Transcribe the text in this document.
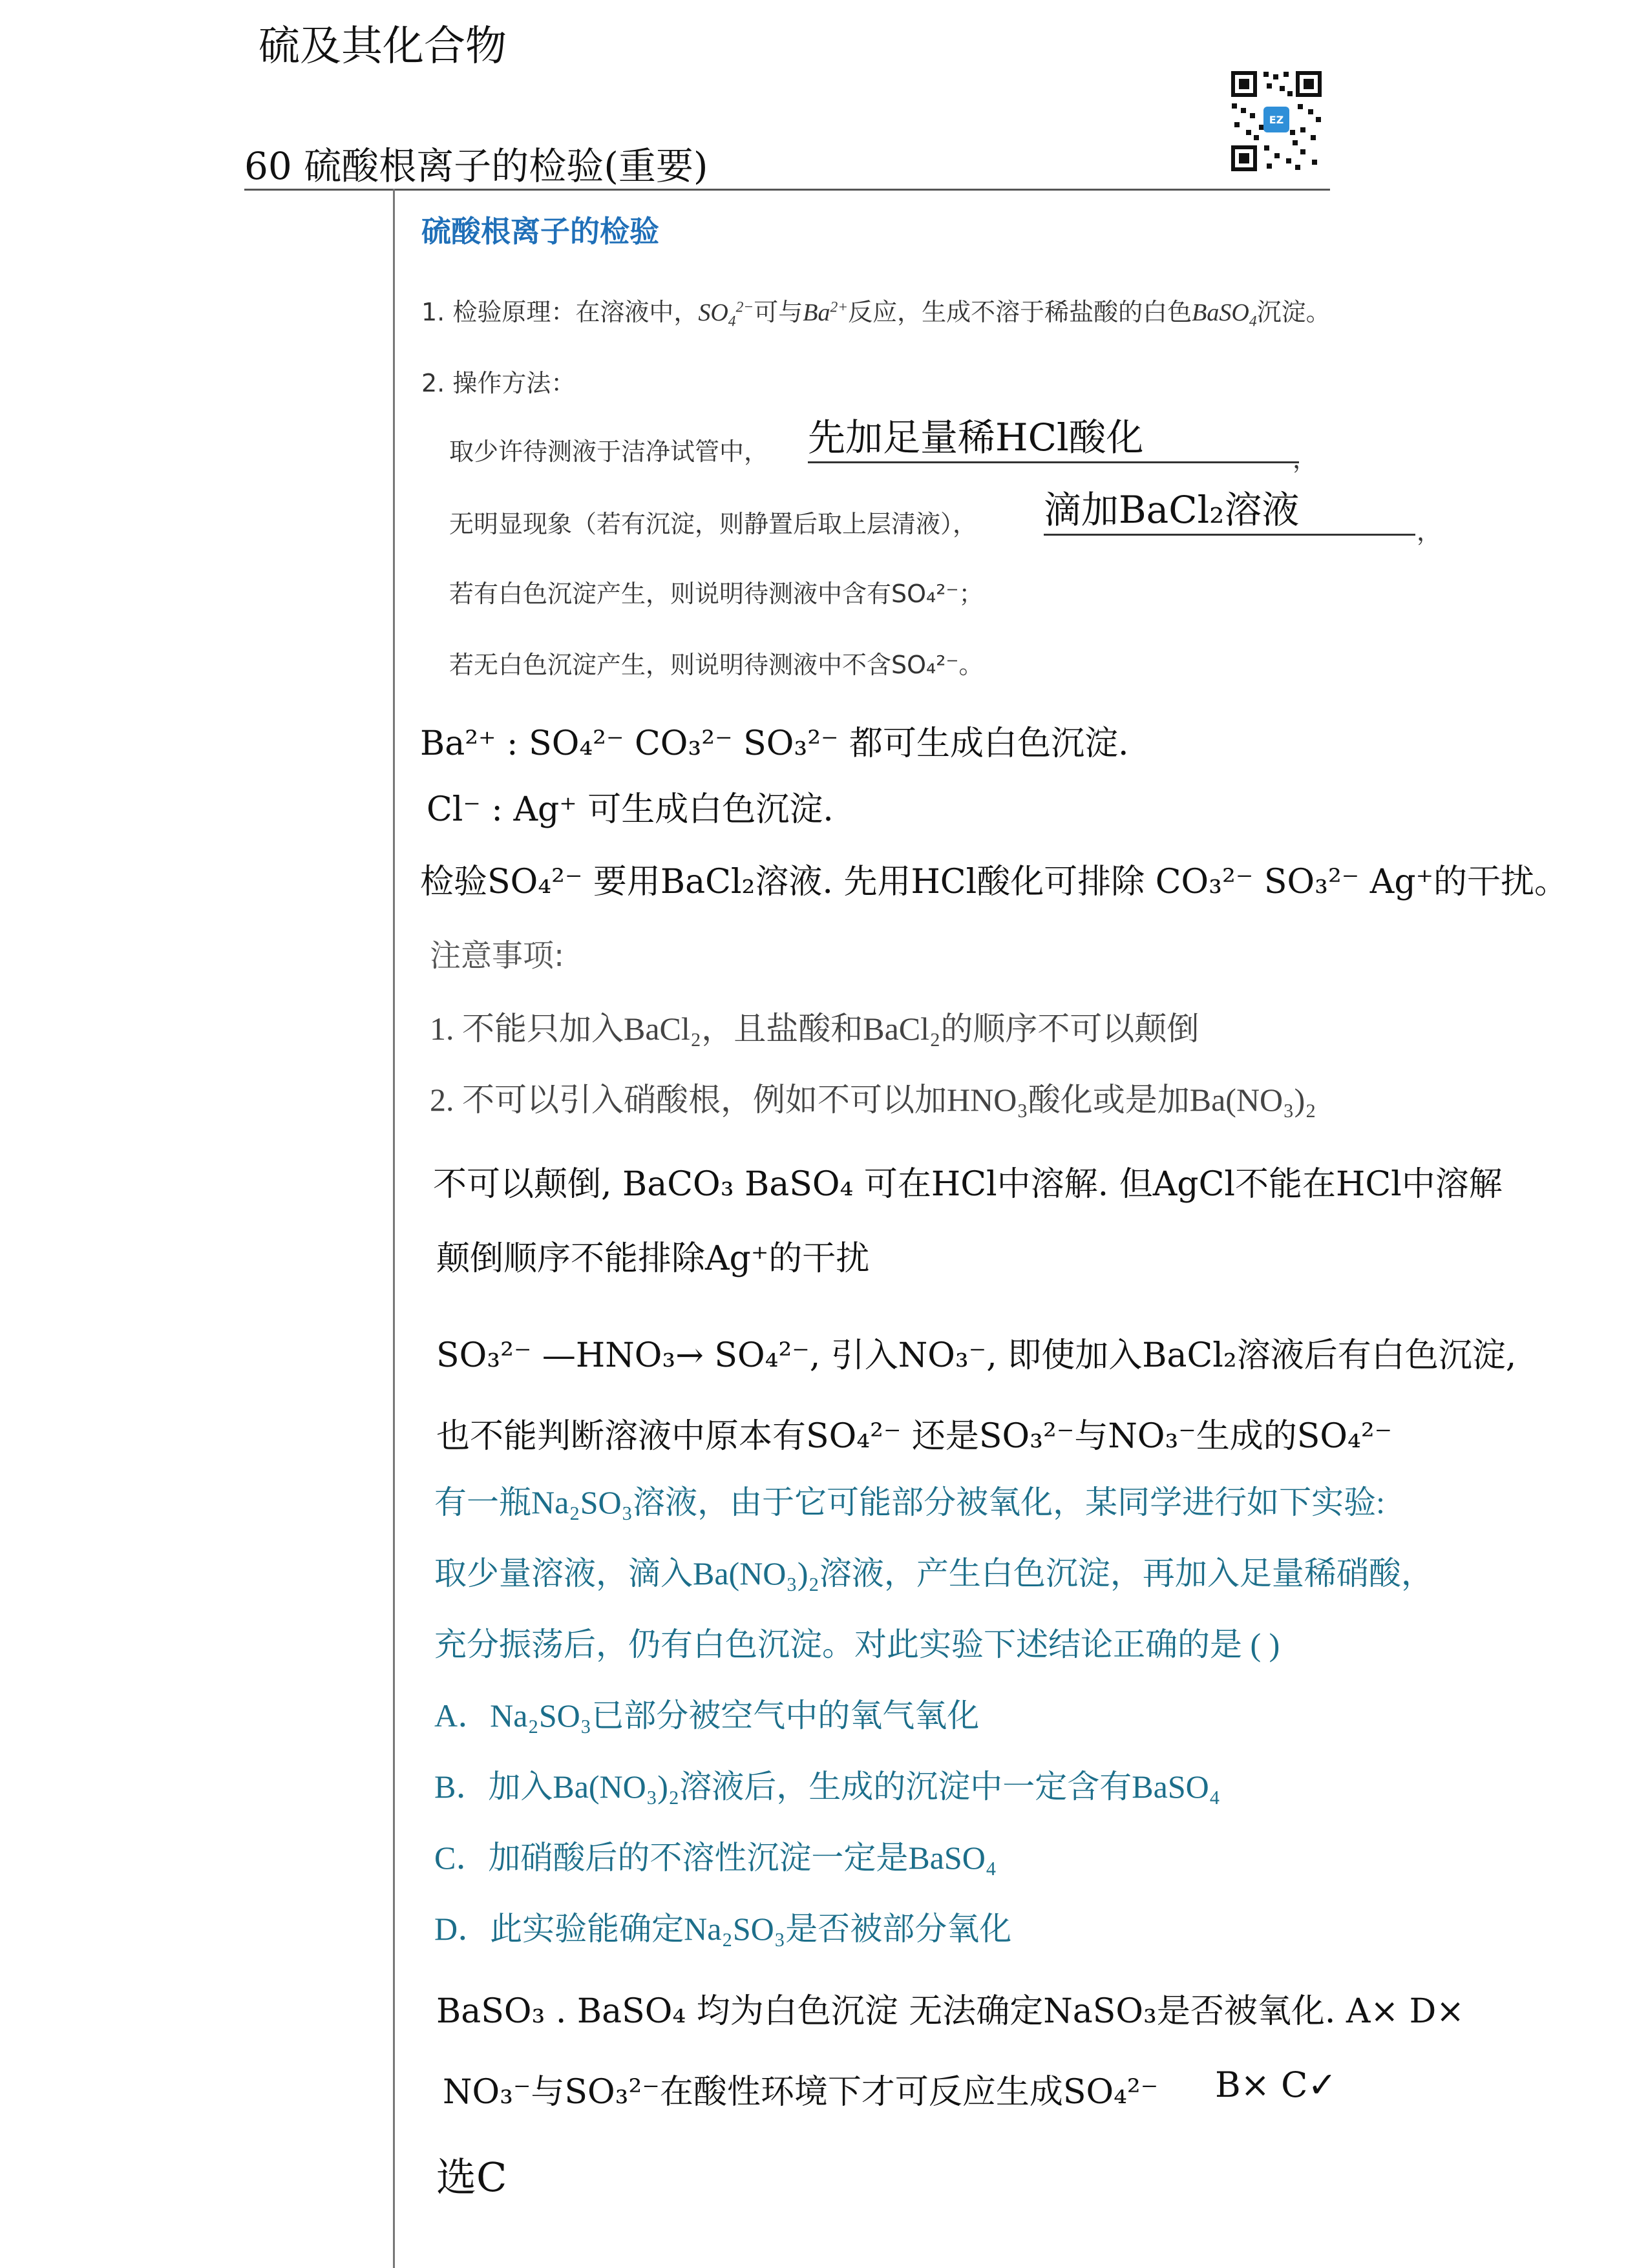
硫及其化合物
60 硫酸根离子的检验(重要)
EZ
硫酸根离子的检验
1. 检验原理：在溶液中，$SO_4^{2-}$可与$Ba^{2+}$反应，生成不溶于稀盐酸的白色BaSO$_4$沉淀。
2. 操作方法：
取少许待测液于洁净试管中， 先加足量稀HCl酸化	，
无明显现象（若有沉淀，则静置后取上层清液）， 滴加BaCl₂溶液	，
若有白色沉淀产生，则说明待测液中含有SO₄²⁻；
若无白色沉淀产生，则说明待测液中不含SO₄²⁻。
Ba²⁺ : SO₄²⁻ CO₃²⁻ SO₃²⁻ 都可生成白色沉淀.
Cl⁻ : Ag⁺ 可生成白色沉淀.
检验SO₄²⁻ 要用BaCl₂溶液. 先用HCl酸化可排除 CO₃²⁻ SO₃²⁻ Ag⁺的干扰。
注意事项:
1. 不能只加入BaCl₂，且盐酸和BaCl₂的顺序不可以颠倒
2. 不可以引入硝酸根，例如不可以加HNO₃酸化或是加Ba(NO₃)₂
不可以颠倒, BaCO₃ BaSO₄ 可在HCl中溶解. 但AgCl不能在HCl中溶解
颠倒顺序不能排除Ag⁺的干扰
SO₃²⁻ —HNO₃→ SO₄²⁻, 引入NO₃⁻, 即使加入BaCl₂溶液后有白色沉淀,
也不能判断溶液中原本有SO₄²⁻ 还是SO₃²⁻与NO₃⁻生成的SO₄²⁻
有一瓶Na₂SO₃溶液，由于它可能部分被氧化，某同学进行如下实验:
取少量溶液，滴入Ba(NO₃)₂溶液，产生白色沉淀，再加入足量稀硝酸，
充分振荡后，仍有白色沉淀。对此实验下述结论正确的是 ( )
A．Na₂SO₃已部分被空气中的氧气氧化
B．加入Ba(NO₃)₂溶液后，生成的沉淀中一定含有BaSO₄
C．加硝酸后的不溶性沉淀一定是BaSO₄
D．此实验能确定Na₂SO₃是否被部分氧化
BaSO₃ . BaSO₄ 均为白色沉淀 无法确定NaSO₃是否被氧化. A× D×
NO₃⁻与SO₃²⁻在酸性环境下才可反应生成SO₄²⁻ B× C✓
选C
